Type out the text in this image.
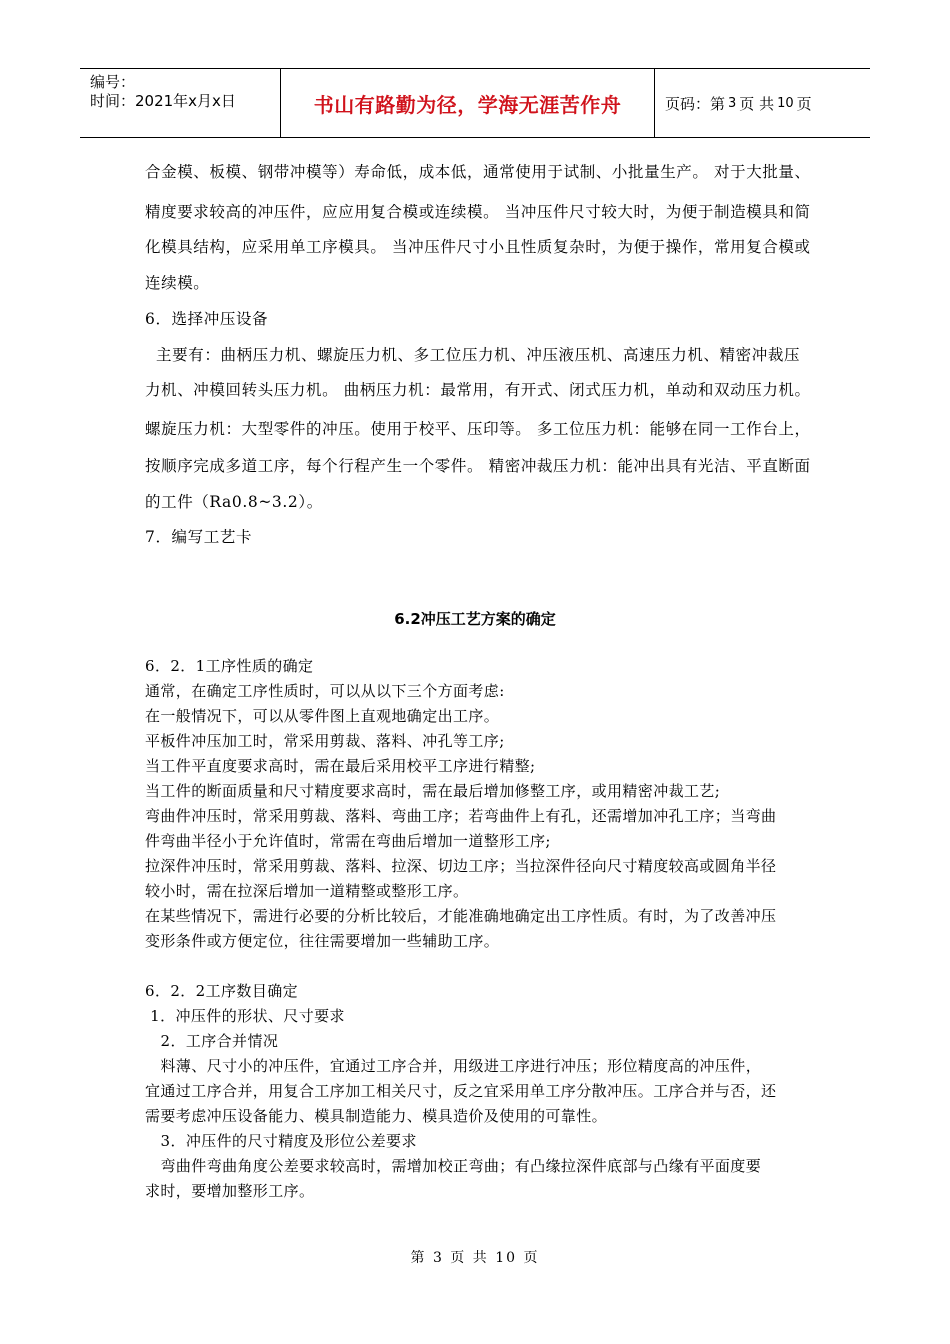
编号：
时间：2021年x月x日	书山有路勤为径，学海无涯苦作舟	页码：第 3 页 共 10 页
合金模、板模、钢带冲模等）寿命低，成本低，通常使用于试制、小批量生产。 对于大批量、
精度要求较高的冲压件，应应用复合模或连续模。 当冲压件尺寸较大时，为便于制造模具和简
化模具结构，应采用单工序模具。 当冲压件尺寸小且性质复杂时，为便于操作，常用复合模或
连续模。
6．选择冲压设备
主要有：曲柄压力机、螺旋压力机、多工位压力机、冲压液压机、高速压力机、精密冲裁压
力机、冲模回转头压力机。 曲柄压力机：最常用，有开式、闭式压力机，单动和双动压力机。
螺旋压力机：大型零件的冲压。使用于校平、压印等。 多工位压力机：能够在同一工作台上，
按顺序完成多道工序，每个行程产生一个零件。 精密冲裁压力机：能冲出具有光洁、平直断面
的工件（Ra0.8~3.2）。
7．编写工艺卡
6.2冲压工艺方案的确定
6．2．1工序性质的确定
通常，在确定工序性质时，可以从以下三个方面考虑:
在一般情况下，可以从零件图上直观地确定出工序。
平板件冲压加工时，常采用剪裁、落料、冲孔等工序;
当工件平直度要求高时，需在最后采用校平工序进行精整;
当工件的断面质量和尺寸精度要求高时，需在最后增加修整工序，或用精密冲裁工艺;
弯曲件冲压时，常采用剪裁、落料、弯曲工序；若弯曲件上有孔，还需增加冲孔工序；当弯曲
件弯曲半径小于允许值时，常需在弯曲后增加一道整形工序;
拉深件冲压时，常采用剪裁、落料、拉深、切边工序；当拉深件径向尺寸精度较高或圆角半径
较小时，需在拉深后增加一道精整或整形工序。
在某些情况下，需进行必要的分析比较后，才能准确地确定出工序性质。有时，为了改善冲压
变形条件或方便定位，往往需要增加一些辅助工序。
6．2．2工序数目确定
1．冲压件的形状、尺寸要求
2．工序合并情况
料薄、尺寸小的冲压件，宜通过工序合并，用级进工序进行冲压；形位精度高的冲压件，
宜通过工序合并，用复合工序加工相关尺寸，反之宜采用单工序分散冲压。工序合并与否，还
需要考虑冲压设备能力、模具制造能力、模具造价及使用的可靠性。
3．冲压件的尺寸精度及形位公差要求
弯曲件弯曲角度公差要求较高时，需增加校正弯曲；有凸缘拉深件底部与凸缘有平面度要
求时，要增加整形工序。
第 3 页 共 10 页
